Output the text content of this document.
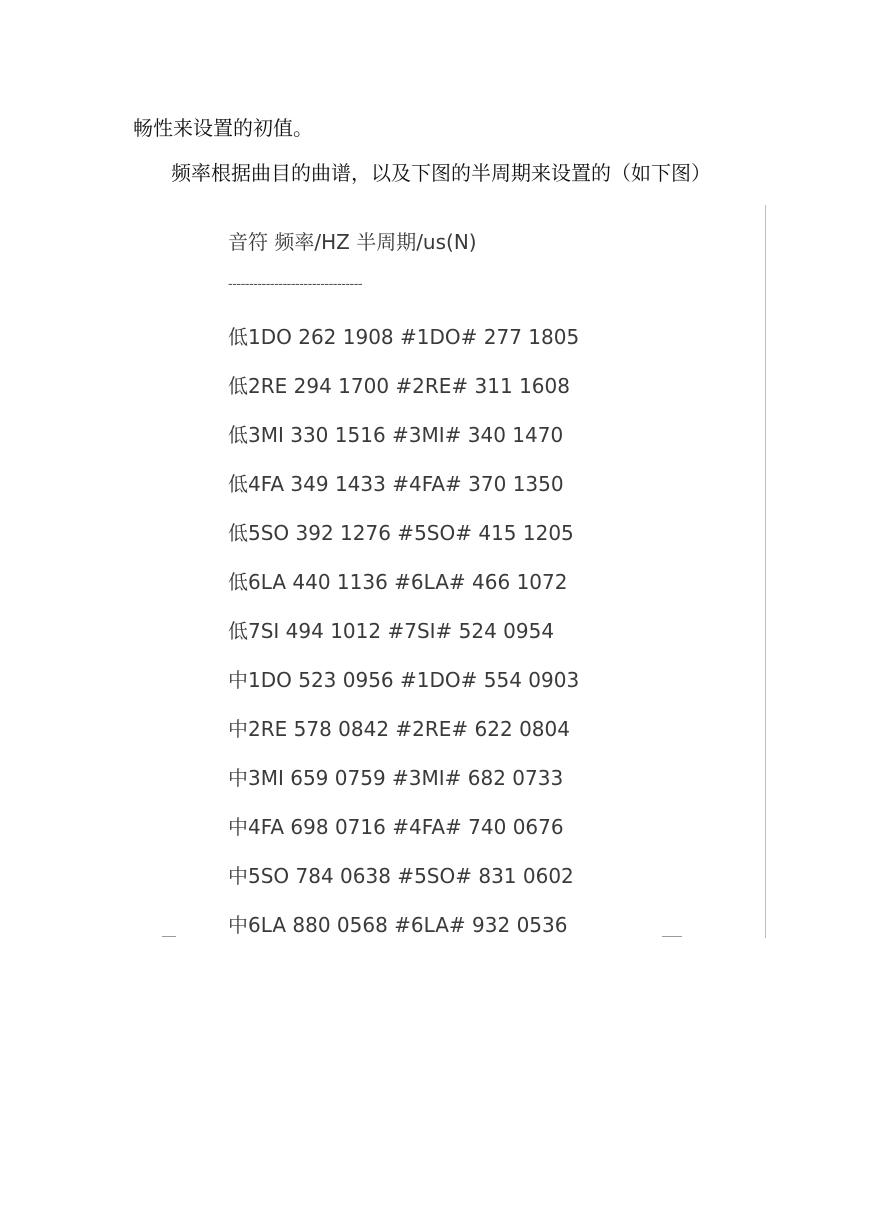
畅性来设置的初值。

频率根据曲目的曲谱，以及下图的半周期来设置的（如下图）

音符 频率/HZ 半周期/us(N)
--------------------------------
低1DO 262 1908 #1DO# 277 1805
低2RE 294 1700 #2RE# 311 1608
低3MI 330 1516 #3MI# 340 1470
低4FA 349 1433 #4FA# 370 1350
低5SO 392 1276 #5SO# 415 1205
低6LA 440 1136 #6LA# 466 1072
低7SI 494 1012 #7SI# 524 0954
中1DO 523 0956 #1DO# 554 0903
中2RE 578 0842 #2RE# 622 0804
中3MI 659 0759 #3MI# 682 0733
中4FA 698 0716 #4FA# 740 0676
中5SO 784 0638 #5SO# 831 0602
中6LA 880 0568 #6LA# 932 0536
